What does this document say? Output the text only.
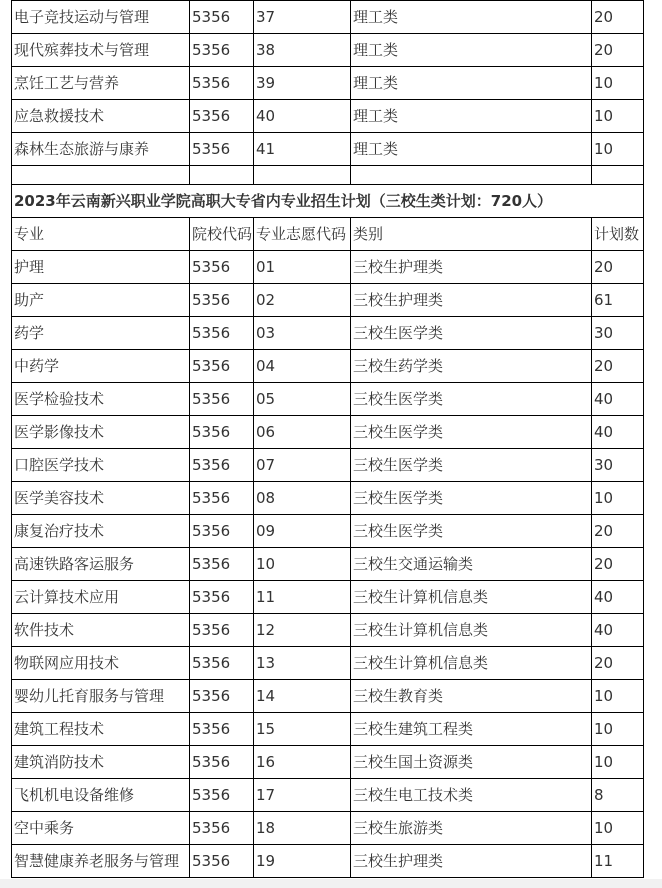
电子竞技运动与管理	5356	37	理工类	20
现代殡葬技术与管理	5356	38	理工类	20
烹饪工艺与营养	5356	39	理工类	10
应急救援技术	5356	40	理工类	10
森林生态旅游与康养	5356	41	理工类	10

2023年云南新兴职业学院高职大专省内专业招生计划（三校生类计划：720人）				
专业	院校代码	专业志愿代码	类别	计划数
护理	5356	01	三校生护理类	20
助产	5356	02	三校生护理类	61
药学	5356	03	三校生医学类	30
中药学	5356	04	三校生药学类	20
医学检验技术	5356	05	三校生医学类	40
医学影像技术	5356	06	三校生医学类	40
口腔医学技术	5356	07	三校生医学类	30
医学美容技术	5356	08	三校生医学类	10
康复治疗技术	5356	09	三校生医学类	20
高速铁路客运服务	5356	10	三校生交通运输类	20
云计算技术应用	5356	11	三校生计算机信息类	40
软件技术	5356	12	三校生计算机信息类	40
物联网应用技术	5356	13	三校生计算机信息类	20
婴幼儿托育服务与管理	5356	14	三校生教育类	10
建筑工程技术	5356	15	三校生建筑工程类	10
建筑消防技术	5356	16	三校生国土资源类	10
飞机机电设备维修	5356	17	三校生电工技术类	8
空中乘务	5356	18	三校生旅游类	10
智慧健康养老服务与管理	5356	19	三校生护理类	11
